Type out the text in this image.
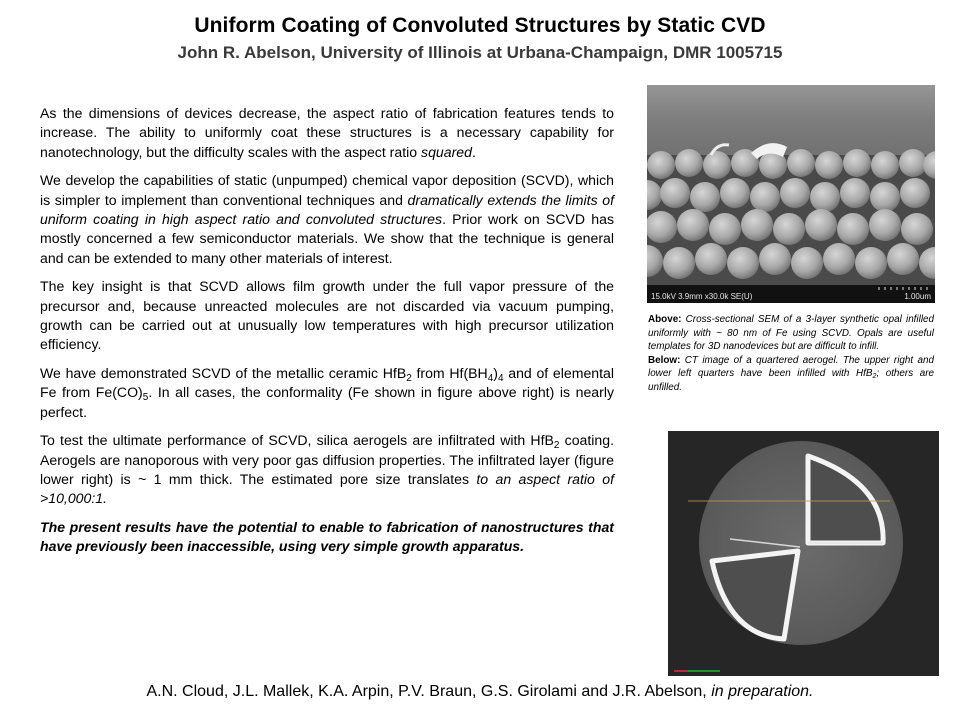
Uniform Coating of Convoluted Structures by Static CVD
John R. Abelson, University of Illinois at Urbana-Champaign, DMR 1005715

As the dimensions of devices decrease, the aspect ratio of fabrication features tends to increase. The ability to uniformly coat these structures is a necessary capability for nanotechnology, but the difficulty scales with the aspect ratio squared.

We develop the capabilities of static (unpumped) chemical vapor deposition (SCVD), which is simpler to implement than conventional techniques and dramatically extends the limits of uniform coating in high aspect ratio and convoluted structures. Prior work on SCVD has mostly concerned a few semiconductor materials. We show that the technique is general and can be extended to many other materials of interest.

The key insight is that SCVD allows film growth under the full vapor pressure of the precursor and, because unreacted molecules are not discarded via vacuum pumping, growth can be carried out at unusually low temperatures with high precursor utilization efficiency.

We have demonstrated SCVD of the metallic ceramic HfB$_2$ from $Hf(BH_4)_4$ and of elemental Fe from $Fe(CO)_5$. In all cases, the conformality (Fe shown in figure above right) is nearly perfect.

To test the ultimate performance of SCVD, silica aerogels are infiltrated with HfB$_2$ coating. Aerogels are nanoporous with very poor gas diffusion properties. The infiltrated layer (figure lower right) is ~ 1 mm thick. The estimated pore size translates to an aspect ratio of >10,000:1.

The present results have the potential to enable to fabrication of nanostructures that have previously been inaccessible, using very simple growth apparatus.

15.0kV 3.9mm x30.0k SE(U)	1.00um

Above: Cross-sectional SEM of a 3-layer synthetic opal infilled uniformly with ~ 80 nm of Fe using SCVD. Opals are useful templates for 3D nanodevices but are difficult to infill.

Below: CT image of a quartered aerogel. The upper right and lower left quarters have been infilled with HfB$_2$; others are unfilled.

A.N. Cloud, J.L. Mallek, K.A. Arpin, P.V. Braun, G.S. Girolami and J.R. Abelson, in preparation.
